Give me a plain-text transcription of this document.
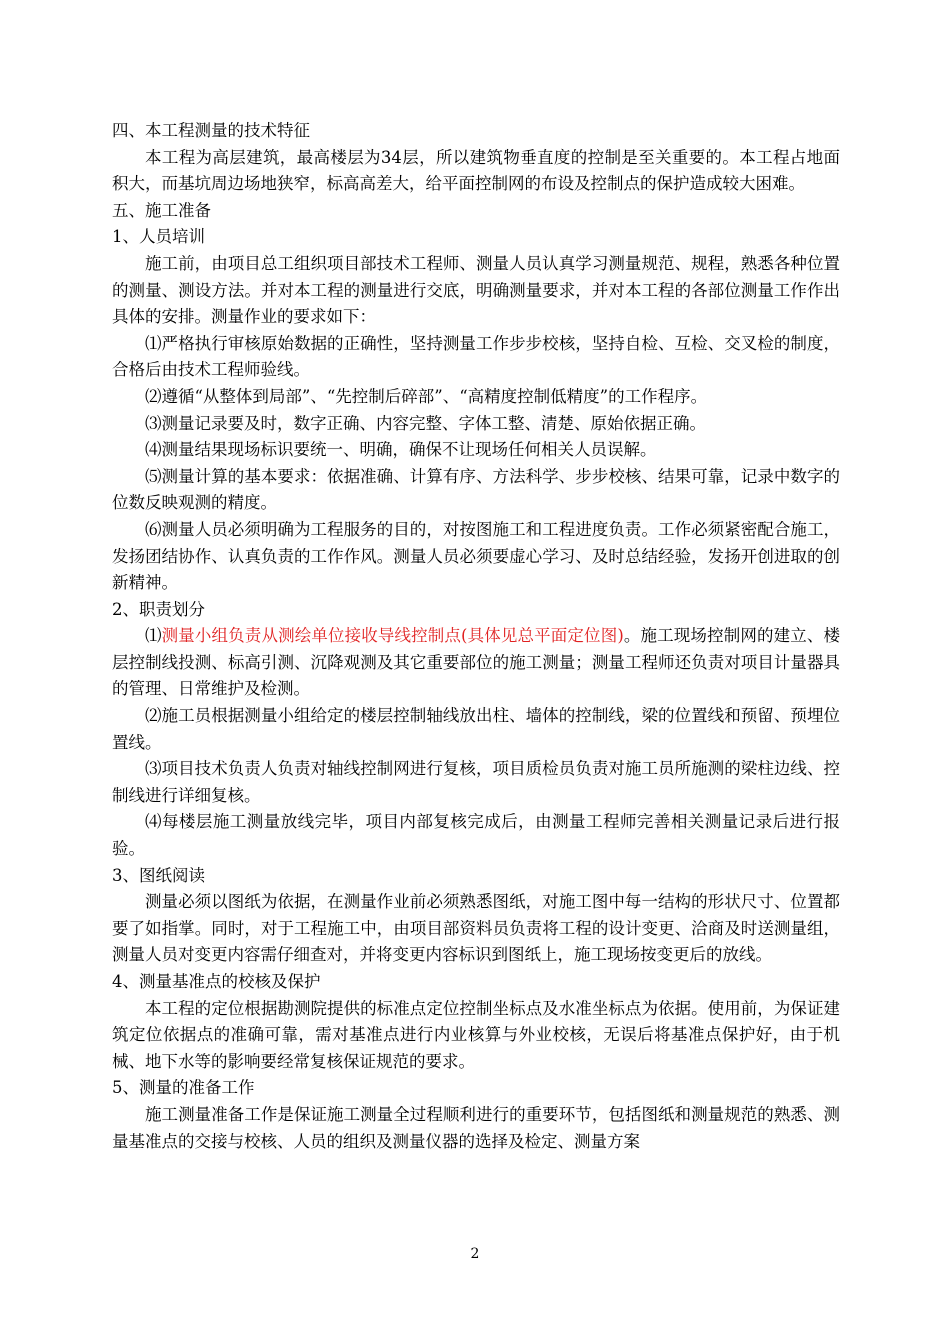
四、本工程测量的技术特征

本工程为高层建筑，最高楼层为34层，所以建筑物垂直度的控制是至关重要的。本工程占地面积大，而基坑周边场地狭窄，标高高差大，给平面控制网的布设及控制点的保护造成较大困难。

五、施工准备

1、人员培训

施工前，由项目总工组织项目部技术工程师、测量人员认真学习测量规范、规程，熟悉各种位置的测量、测设方法。并对本工程的测量进行交底，明确测量要求，并对本工程的各部位测量工作作出具体的安排。测量作业的要求如下：

⑴严格执行审核原始数据的正确性，坚持测量工作步步校核，坚持自检、互检、交叉检的制度，合格后由技术工程师验线。

⑵遵循“从整体到局部”、“先控制后碎部”、“高精度控制低精度”的工作程序。

⑶测量记录要及时，数字正确、内容完整、字体工整、清楚、原始依据正确。

⑷测量结果现场标识要统一、明确，确保不让现场任何相关人员误解。

⑸测量计算的基本要求：依据准确、计算有序、方法科学、步步校核、结果可靠，记录中数字的位数反映观测的精度。

⑹测量人员必须明确为工程服务的目的，对按图施工和工程进度负责。工作必须紧密配合施工，发扬团结协作、认真负责的工作作风。测量人员必须要虚心学习、及时总结经验，发扬开创进取的创新精神。

2、职责划分

⑴测量小组负责从测绘单位接收导线控制点(具体见总平面定位图)。施工现场控制网的建立、楼层控制线投测、标高引测、沉降观测及其它重要部位的施工测量；测量工程师还负责对项目计量器具的管理、日常维护及检测。

⑵施工员根据测量小组给定的楼层控制轴线放出柱、墙体的控制线，梁的位置线和预留、预埋位置线。

⑶项目技术负责人负责对轴线控制网进行复核，项目质检员负责对施工员所施测的梁柱边线、控制线进行详细复核。

⑷每楼层施工测量放线完毕，项目内部复核完成后，由测量工程师完善相关测量记录后进行报验。

3、图纸阅读

测量必须以图纸为依据，在测量作业前必须熟悉图纸，对施工图中每一结构的形状尺寸、位置都要了如指掌。同时，对于工程施工中，由项目部资料员负责将工程的设计变更、洽商及时送测量组，测量人员对变更内容需仔细查对，并将变更内容标识到图纸上，施工现场按变更后的放线。

4、测量基准点的校核及保护

本工程的定位根据勘测院提供的标准点定位控制坐标点及水准坐标点为依据。使用前，为保证建筑定位依据点的准确可靠，需对基准点进行内业核算与外业校核，无误后将基准点保护好，由于机械、地下水等的影响要经常复核保证规范的要求。

5、测量的准备工作

施工测量准备工作是保证施工测量全过程顺利进行的重要环节，包括图纸和测量规范的熟悉、测量基准点的交接与校核、人员的组织及测量仪器的选择及检定、测量方案

2
